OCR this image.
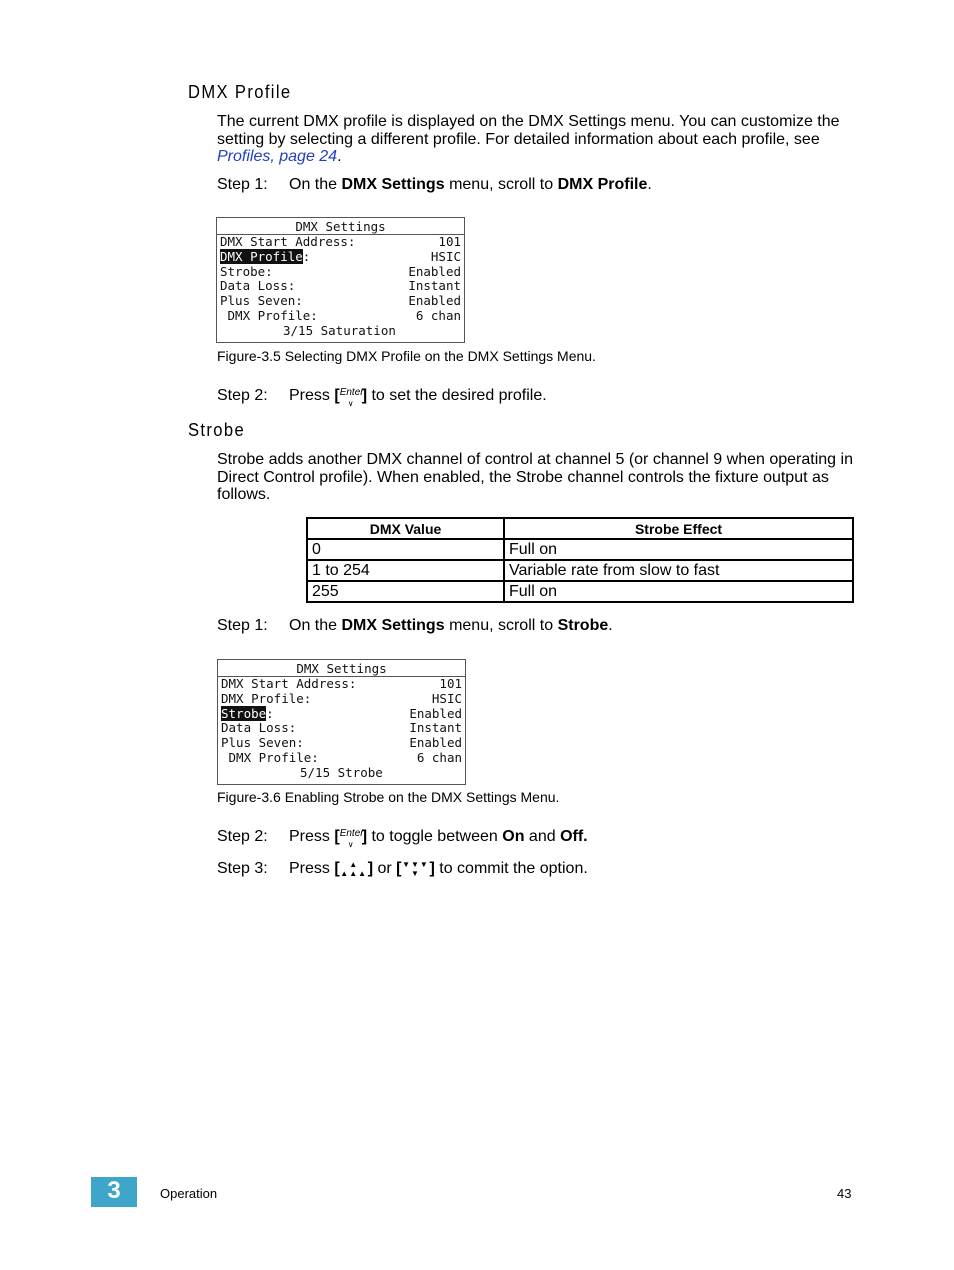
DMX Profile
The current DMX profile is displayed on the DMX Settings menu. You can customize the setting by selecting a different profile. For detailed information about each profile, see
Profiles, page 24.
Step 1: On the DMX Settings menu, scroll to DMX Profile.
DMX Settings
DMX Start Address:	101
DMX Profile:	HSIC
Strobe:	Enabled
Data Loss:	Instant
Plus Seven:	Enabled
DMX Profile:	6 chan
3/15 Saturation
Figure-3.5 Selecting DMX Profile on the DMX Settings Menu.
Step 2: Press [Enter
∨ ] to set the desired profile.
Strobe
Strobe adds another DMX channel of control at channel 5 (or channel 9 when operating in Direct Control profile). When enabled, the Strobe channel controls the fixture output as follows.
DMX Value	Strobe Effect
0	Full on
1 to 254	Variable rate from slow to fast
255	Full on
Step 1: On the DMX Settings menu, scroll to Strobe.
DMX Settings
DMX Start Address:	101
DMX Profile:	HSIC
Strobe:	Enabled
Data Loss:	Instant
Plus Seven:	Enabled
DMX Profile:	6 chan
5/15 Strobe
Figure-3.6 Enabling Strobe on the DMX Settings Menu.
Step 2: Press [Enter
∨ ] to toggle between On and Off.
Step 3: Press [ ▲
▲▲▲] or [▼▼▼
▼ ] to commit the option.
3	Operation	43
